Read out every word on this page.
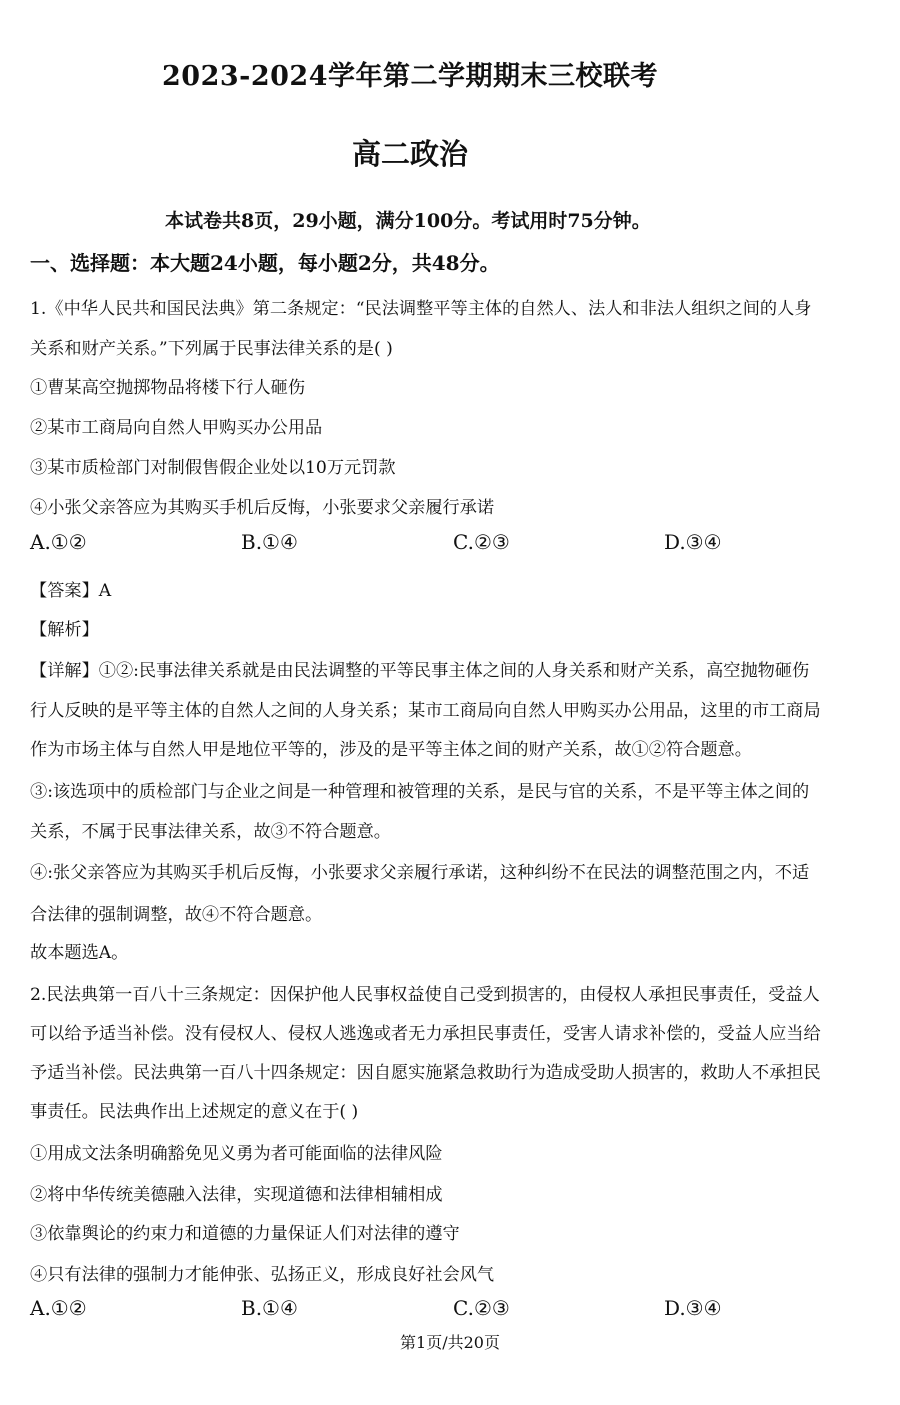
2023-2024学年第二学期期末三校联考
高二政治
本试卷共8页，29小题，满分100分。考试用时75分钟。
一、选择题：本大题24小题，每小题2分，共48分。
1.《中华人民共和国民法典》第二条规定：“民法调整平等主体的自然人、法人和非法人组织之间的人身
关系和财产关系。”下列属于民事法律关系的是( )
①曹某高空抛掷物品将楼下行人砸伤
②某市工商局向自然人甲购买办公用品
③某市质检部门对制假售假企业处以10万元罚款
④小张父亲答应为其购买手机后反悔，小张要求父亲履行承诺
A.①②	B.①④	C.②③	D.③④
【答案】A
【解析】
【详解】①②:民事法律关系就是由民法调整的平等民事主体之间的人身关系和财产关系，高空抛物砸伤
行人反映的是平等主体的自然人之间的人身关系；某市工商局向自然人甲购买办公用品，这里的市工商局
作为市场主体与自然人甲是地位平等的，涉及的是平等主体之间的财产关系，故①②符合题意。
③:该选项中的质检部门与企业之间是一种管理和被管理的关系，是民与官的关系，不是平等主体之间的
关系，不属于民事法律关系，故③不符合题意。
④:张父亲答应为其购买手机后反悔，小张要求父亲履行承诺，这种纠纷不在民法的调整范围之内，不适
合法律的强制调整，故④不符合题意。
故本题选A。
2.民法典第一百八十三条规定：因保护他人民事权益使自己受到损害的，由侵权人承担民事责任，受益人
可以给予适当补偿。没有侵权人、侵权人逃逸或者无力承担民事责任，受害人请求补偿的，受益人应当给
予适当补偿。民法典第一百八十四条规定：因自愿实施紧急救助行为造成受助人损害的，救助人不承担民
事责任。民法典作出上述规定的意义在于( )
①用成文法条明确豁免见义勇为者可能面临的法律风险
②将中华传统美德融入法律，实现道德和法律相辅相成
③依靠舆论的约束力和道德的力量保证人们对法律的遵守
④只有法律的强制力才能伸张、弘扬正义，形成良好社会风气
A.①②	B.①④	C.②③	D.③④
第1页/共20页
